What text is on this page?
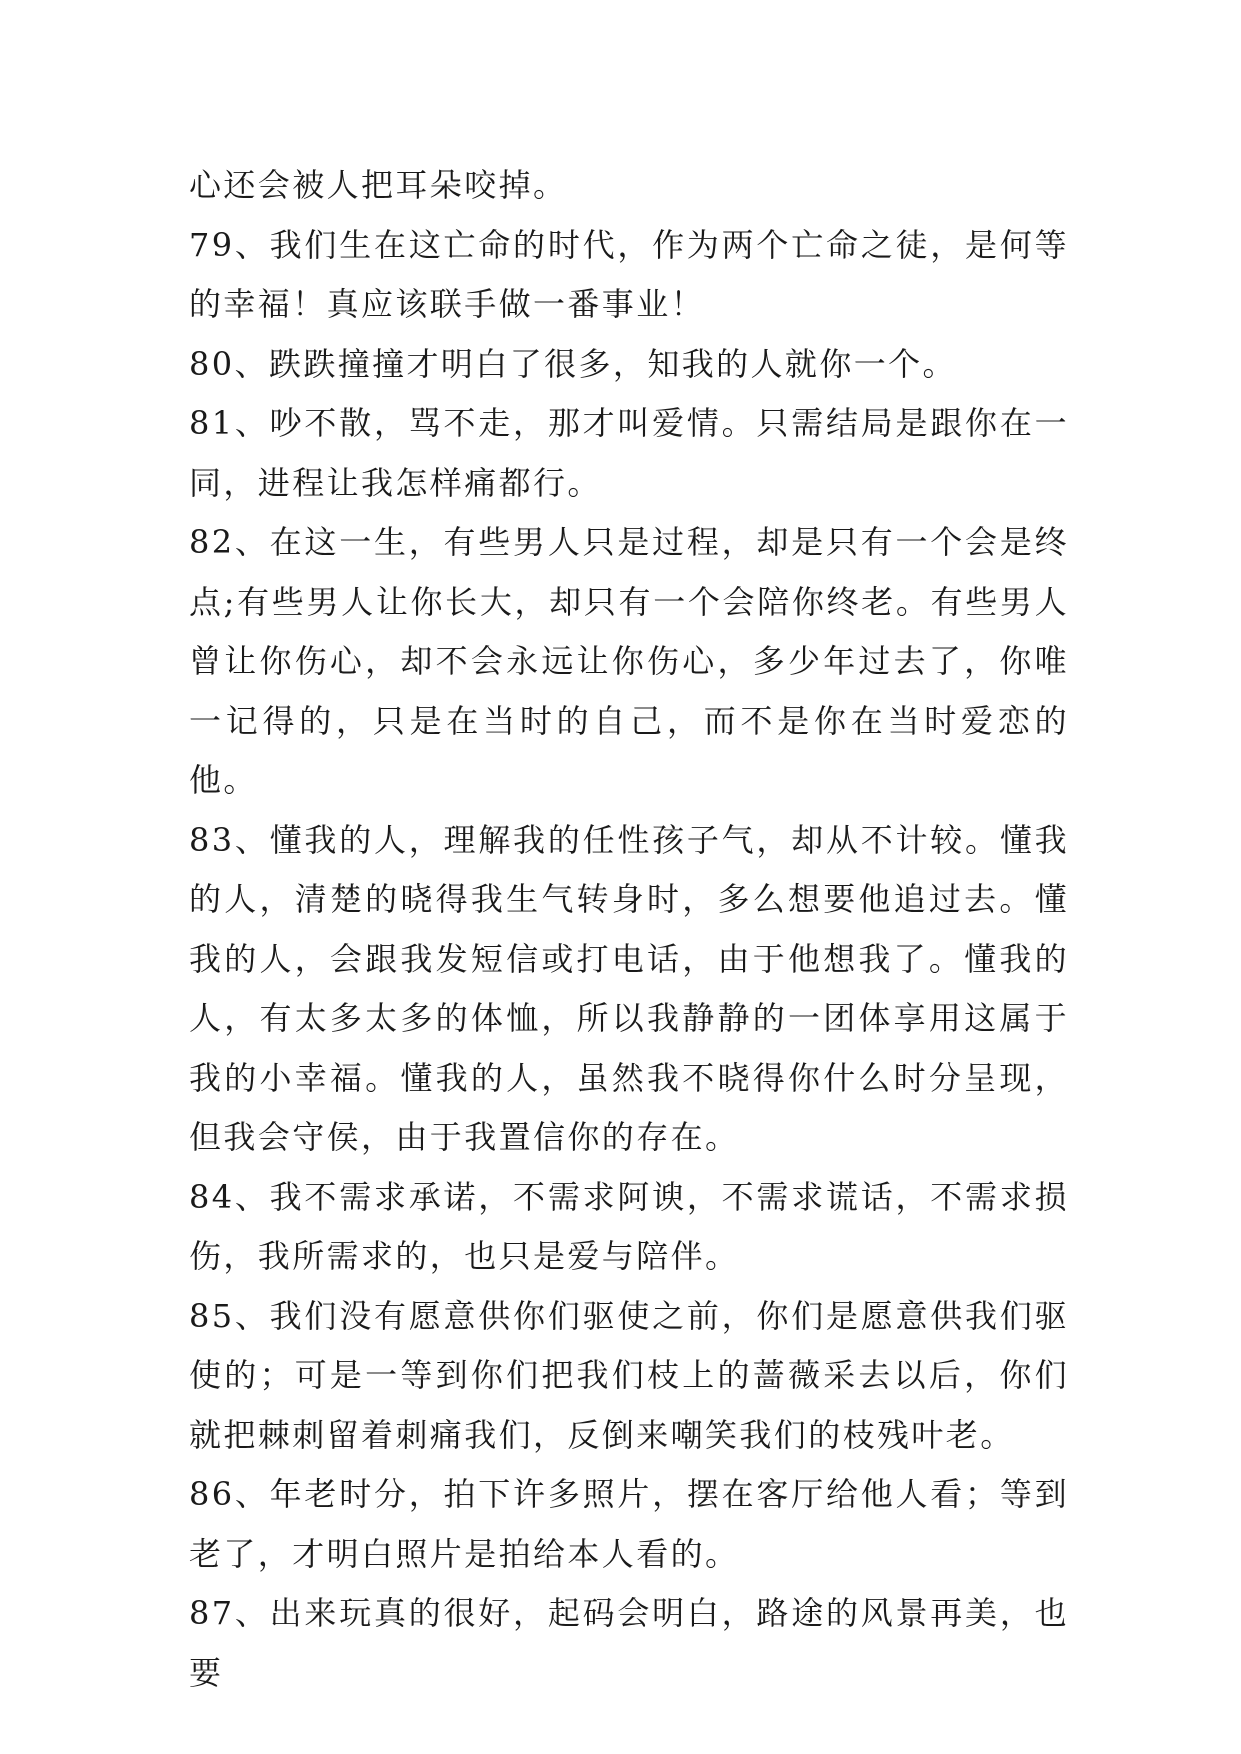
心还会被人把耳朵咬掉。

79、我们生在这亡命的时代，作为两个亡命之徒，是何等的幸福！真应该联手做一番事业！

80、跌跌撞撞才明白了很多，知我的人就你一个。

81、吵不散，骂不走，那才叫爱情。只需结局是跟你在一同，进程让我怎样痛都行。

82、在这一生，有些男人只是过程，却是只有一个会是终点;有些男人让你长大，却只有一个会陪你终老。有些男人曾让你伤心，却不会永远让你伤心，多少年过去了，你唯一记得的，只是在当时的自己，而不是你在当时爱恋的他。

83、懂我的人，理解我的任性孩子气，却从不计较。懂我的人，清楚的晓得我生气转身时，多么想要他追过去。懂我的人，会跟我发短信或打电话，由于他想我了。懂我的人，有太多太多的体恤，所以我静静的一团体享用这属于我的小幸福。懂我的人，虽然我不晓得你什么时分呈现，但我会守侯，由于我置信你的存在。

84、我不需求承诺，不需求阿谀，不需求谎话，不需求损伤，我所需求的，也只是爱与陪伴。

85、我们没有愿意供你们驱使之前，你们是愿意供我们驱使的；可是一等到你们把我们枝上的蔷薇采去以后，你们就把棘刺留着刺痛我们，反倒来嘲笑我们的枝残叶老。

86、年老时分，拍下许多照片，摆在客厅给他人看；等到老了，才明白照片是拍给本人看的。

87、出来玩真的很好，起码会明白，路途的风景再美，也要
